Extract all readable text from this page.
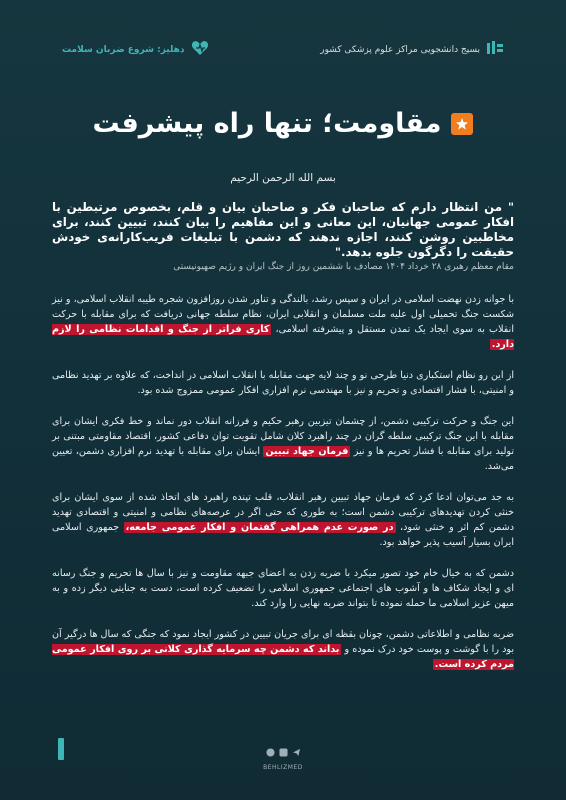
دهلیز: شروع ضربان سلامت	بسیج دانشجویی مراکز علوم پزشکی کشور
مقاومت؛ تنها راه پیشرفت
بسم الله الرحمن الرحیم
" من انتظار دارم که صاحبان فکر و صاحبان بیان و قلم، بخصوص مرتبطین با افکار عمومی جهانیان، این معانی و این مفاهیم را بیان کنند، تبیین کنند، برای مخاطبین روشن کنند، اجازه ندهند که دشمن با تبلیغات فریب‌کارانه‌ی خودش حقیقت را دگرگون جلوه بدهد."
مقام معظم رهبری ۲۸ خرداد ۱۴۰۴ مصادف با ششمین روز از جنگ ایران و رژیم صهیونیستی

با جوانه زدن نهضت اسلامی در ایران و سپس رشد، بالندگی و تناور شدن روزافزون شجره طیبه انقلاب اسلامی، و نیز شکست جنگ تحمیلی اول علیه ملت مسلمان و انقلابی ایران، نظام سلطه جهانی دریافت که برای مقابله با حرکت انقلاب به سوی ایجاد یک تمدن مستقل و پیشرفته اسلامی، کاری فراتر از جنگ و اقدامات نظامی را لازم دارد.

از این رو نظام استکباری دنیا طرحی نو و چند لایه جهت مقابله با انقلاب اسلامی در انداخت، که علاوه بر تهدید نظامی و امنیتی، با فشار اقتصادی و تحریم و نیز با مهندسی نرم افزاری افکار عمومی ممزوج شده بود.

این جنگ و حرکت ترکیبی دشمن، از چشمان تیزبین رهبر حکیم و فرزانه انقلاب دور نماند و خط فکری ایشان برای مقابله با این جنگ ترکیبی سلطه گران در چند راهبرد کلان شامل تقویت توان دفاعی کشور، اقتصاد مقاومتی مبتنی بر تولید برای مقابله با فشار تحریم ها و نیز فرمان جهاد تبیین ایشان برای مقابله با تهدید نرم افزاری دشمن، تعیین می‌شد.

به جد می‌توان ادعا کرد که فرمان جهاد تبیین رهبر انقلاب، قلب تپنده راهبرد های اتخاذ شده از سوی ایشان برای خنثی کردن تهدیدهای ترکیبی دشمن است؛ به طوری که حتی اگر در عرصه‌های نظامی و امنیتی و اقتصادی تهدید دشمن کم اثر و خنثی شود، در صورت عدم همراهی گفتمان و افکار عمومی جامعه، جمهوری اسلامی ایران بسیار آسیب پذیر خواهد بود.

دشمن که به خیال خام خود تصور میکرد با ضربه زدن به اعضای جبهه مقاومت و نیز با سال ها تحریم و جنگ رسانه ای و ایجاد شکاف ها و آشوب های اجتماعی جمهوری اسلامی را تضعیف کرده است، دست به جنایتی دیگر زده و به میهن عزیز اسلامی ما حمله نموده تا بتواند ضربه نهایی را وارد کند.

ضربه نظامی و اطلاعاتی دشمن، چونان بقظه ای برای جریان تبیین در کشور ایجاد نمود که جنگی که سال ها درگیر آن بود را با گوشت و پوست خود درک نموده و بداند که دشمن چه سرمایه گذاری کلانی بر روی افکار عمومی مردم کرده است.

BEHLIZMED
